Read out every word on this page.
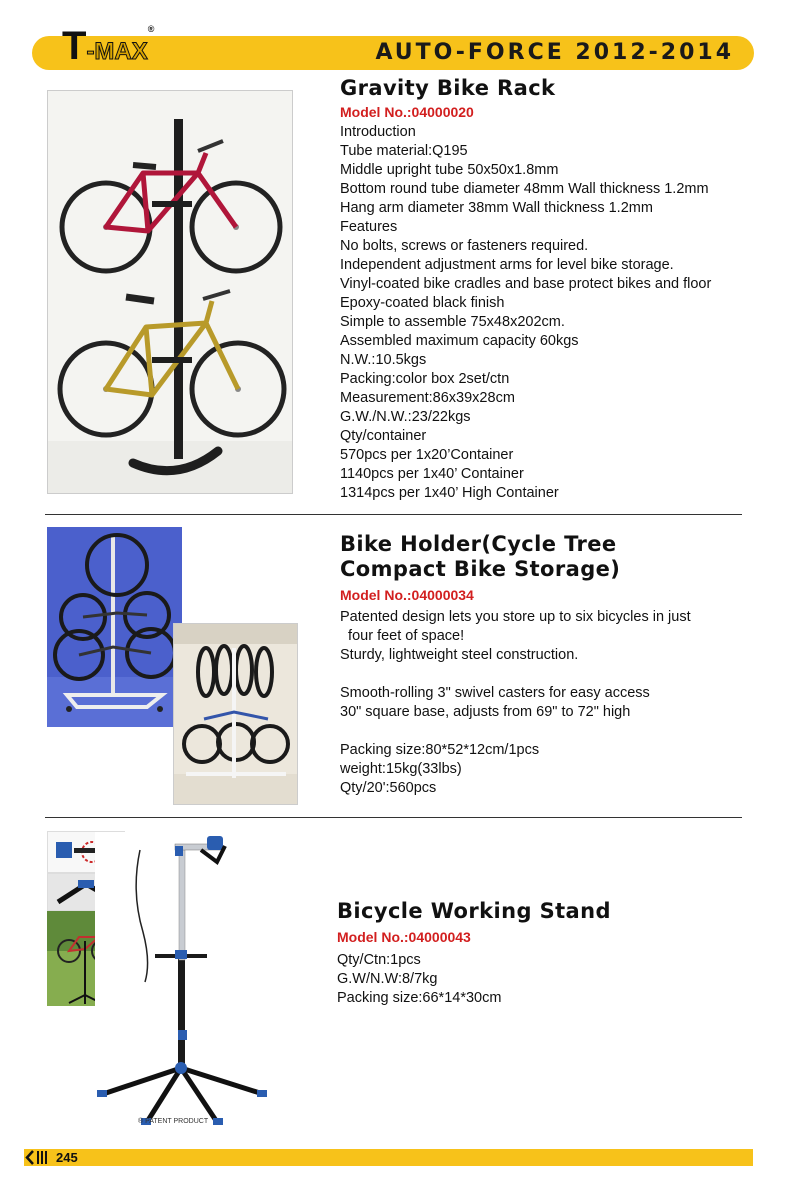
T-MAX®
AUTO-FORCE 2012-2014
Gravity Bike Rack
Model No.:04000020
Introduction
Tube material:Q195
Middle upright tube 50x50x1.8mm
Bottom round tube diameter 48mm Wall thickness 1.2mm
Hang arm diameter 38mm Wall thickness 1.2mm
Features
No bolts, screws or fasteners required.
Independent adjustment arms for level bike storage.
Vinyl-coated bike cradles and base protect bikes and floor
Epoxy-coated black finish
Simple to assemble 75x48x202cm.
Assembled maximum capacity 60kgs
N.W.:10.5kgs
Packing:color box 2set/ctn
Measurement:86x39x28cm
G.W./N.W.:23/22kgs
Qty/container
570pcs per 1x20’Container
1140pcs per 1x40’ Container
1314pcs per 1x40’ High Container
Bike Holder(Cycle Tree
Compact Bike Storage)
Model No.:04000034
Patented design lets you store up to six bicycles in just
four feet of space!
Sturdy, lightweight steel construction.
Smooth-rolling 3" swivel casters for easy access
30" square base, adjusts from 69" to 72" high
Packing size:80*52*12cm/1pcs
weight:15kg(33lbs)
Qty/20':560pcs
® PATENT PRODUCT
Bicycle Working Stand
Model No.:04000043
Qty/Ctn:1pcs
G.W/N.W:8/7kg
Packing size:66*14*30cm
245
